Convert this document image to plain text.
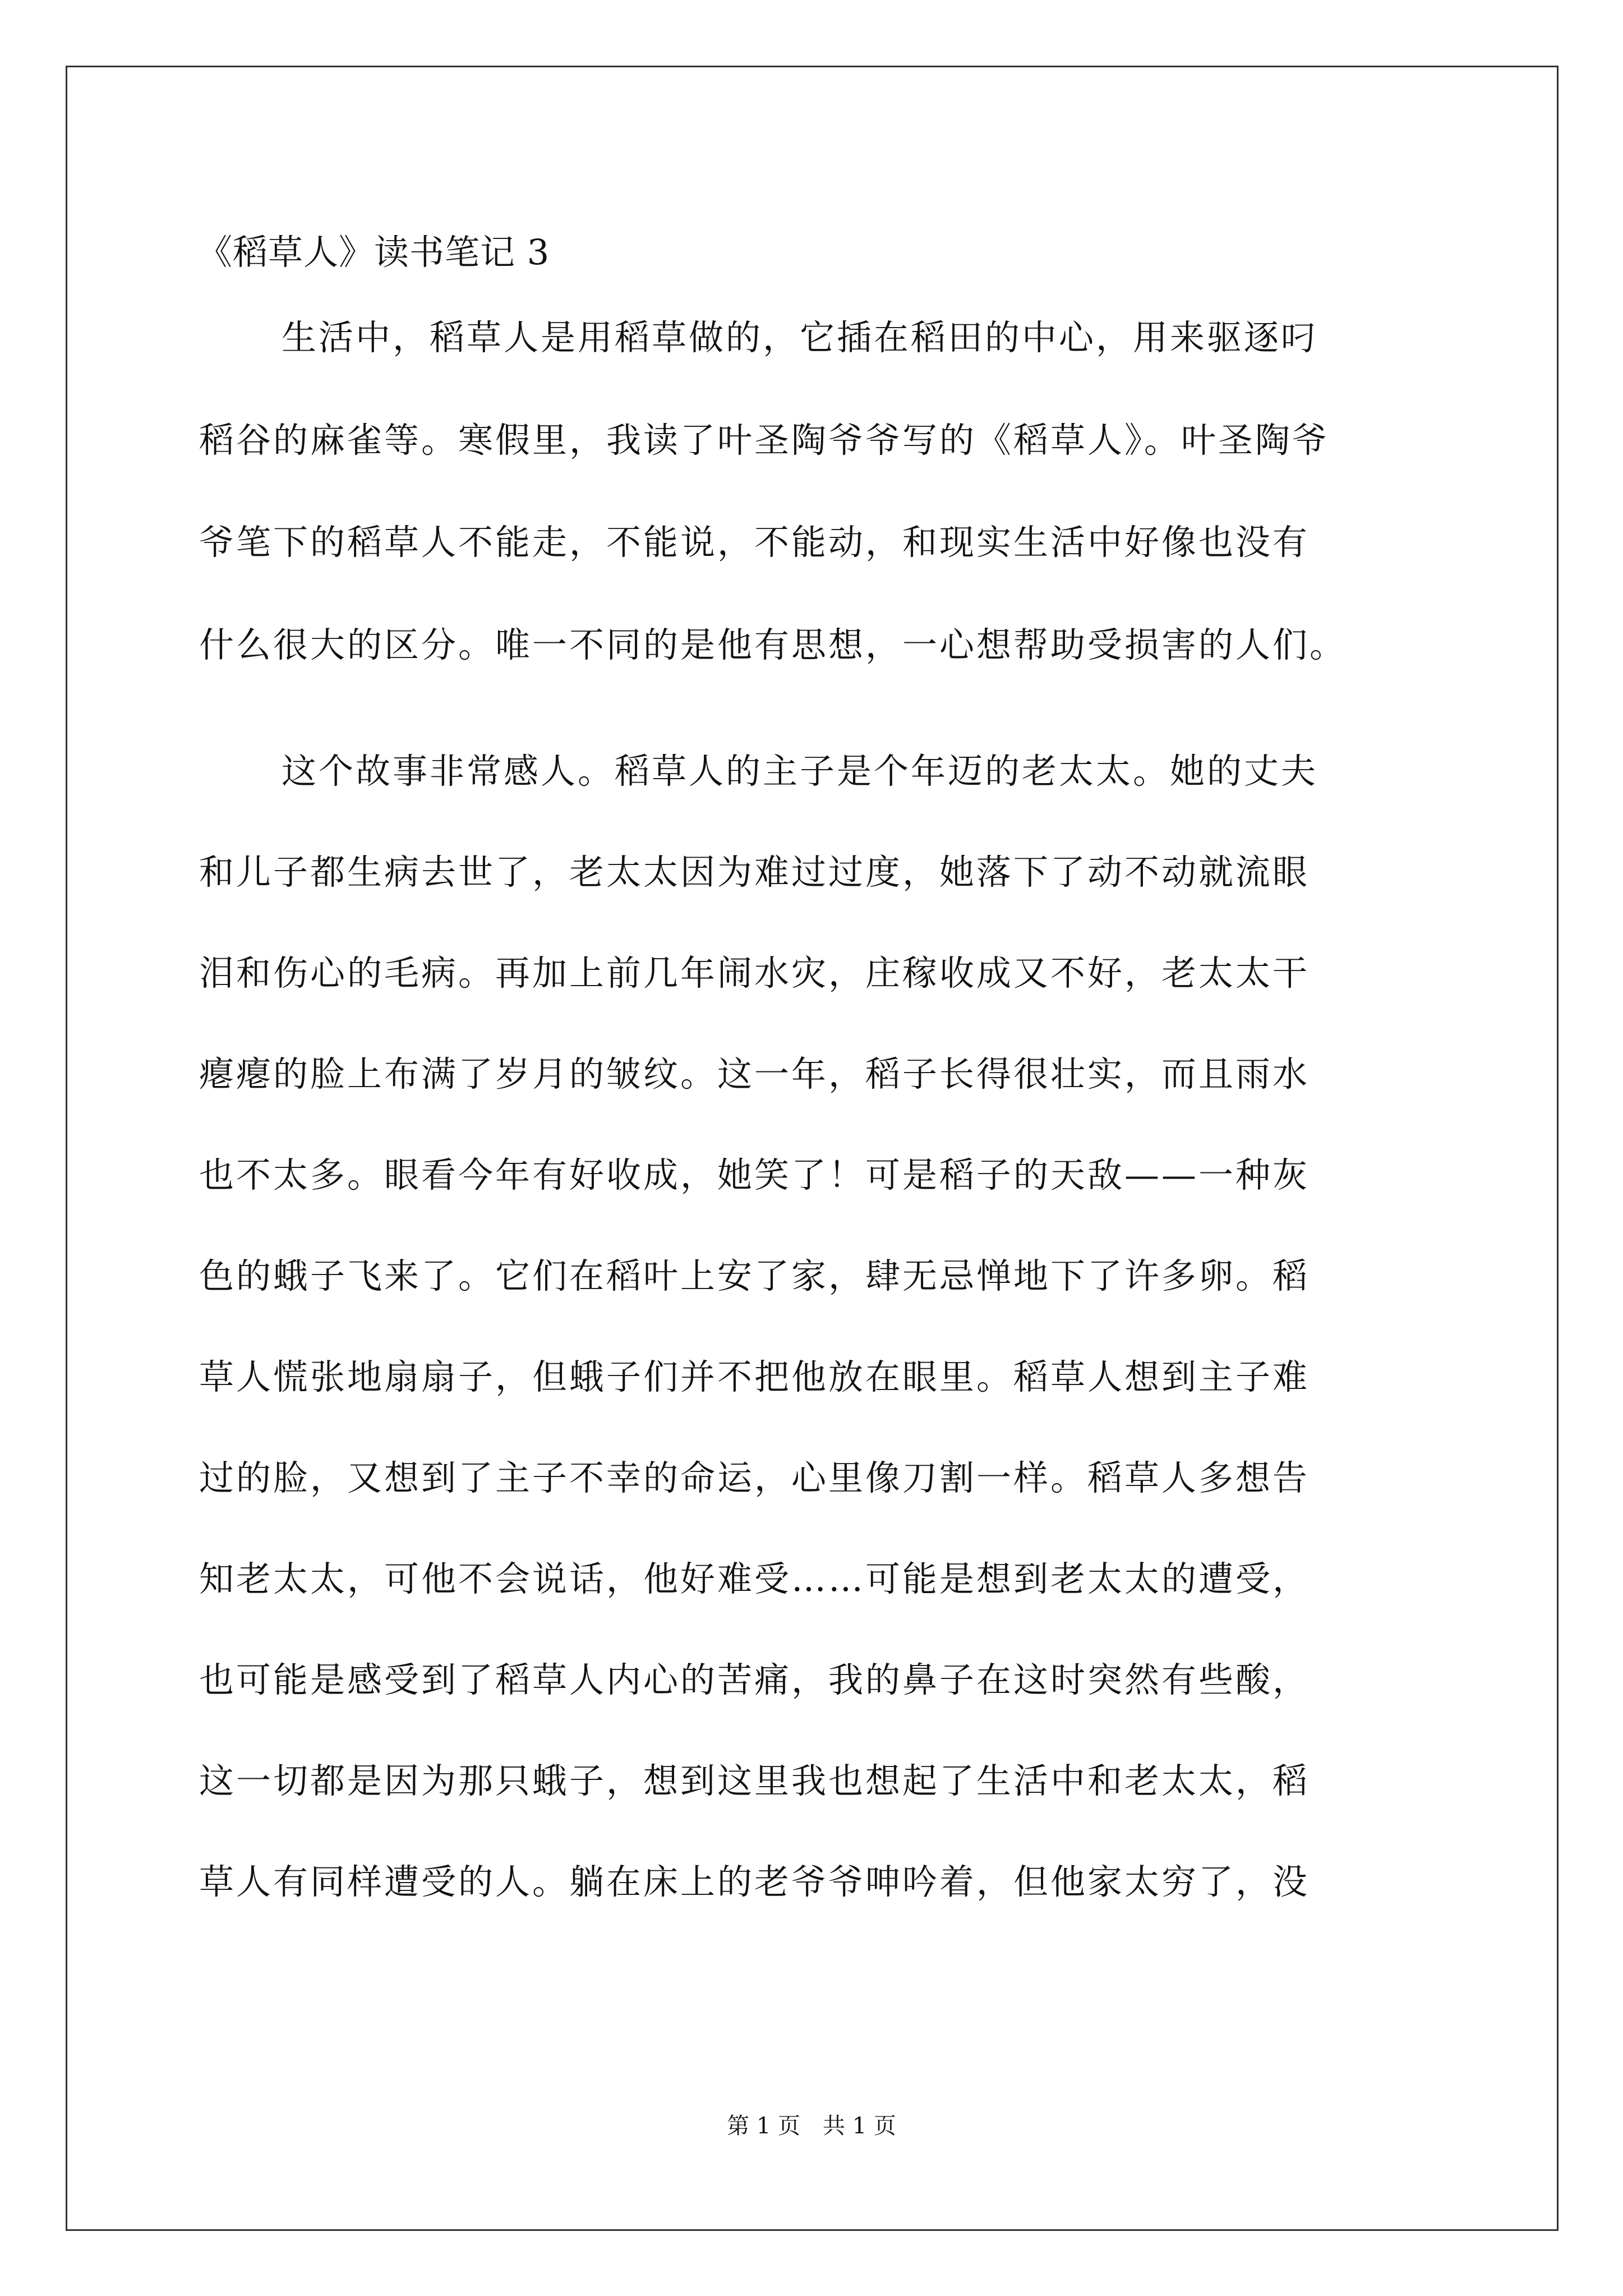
《稻草人》读书笔记 3
生活中，稻草人是用稻草做的，它插在稻田的中心，用来驱逐叼
稻谷的麻雀等。寒假里，我读了叶圣陶爷爷写的《稻草人》。叶圣陶爷
爷笔下的稻草人不能走，不能说，不能动，和现实生活中好像也没有
什么很大的区分。唯一不同的是他有思想，一心想帮助受损害的人们。
这个故事非常感人。稻草人的主子是个年迈的老太太。她的丈夫
和儿子都生病去世了，老太太因为难过过度，她落下了动不动就流眼
泪和伤心的毛病。再加上前几年闹水灾，庄稼收成又不好，老太太干
瘪瘪的脸上布满了岁月的皱纹。这一年，稻子长得很壮实，而且雨水
也不太多。眼看今年有好收成，她笑了！可是稻子的天敌——一种灰
色的蛾子飞来了。它们在稻叶上安了家，肆无忌惮地下了许多卵。稻
草人慌张地扇扇子，但蛾子们并不把他放在眼里。稻草人想到主子难
过的脸，又想到了主子不幸的命运，心里像刀割一样。稻草人多想告
知老太太，可他不会说话，他好难受……可能是想到老太太的遭受，
也可能是感受到了稻草人内心的苦痛，我的鼻子在这时突然有些酸，
这一切都是因为那只蛾子，想到这里我也想起了生活中和老太太，稻
草人有同样遭受的人。躺在床上的老爷爷呻吟着，但他家太穷了，没
第 1 页　共 1 页
